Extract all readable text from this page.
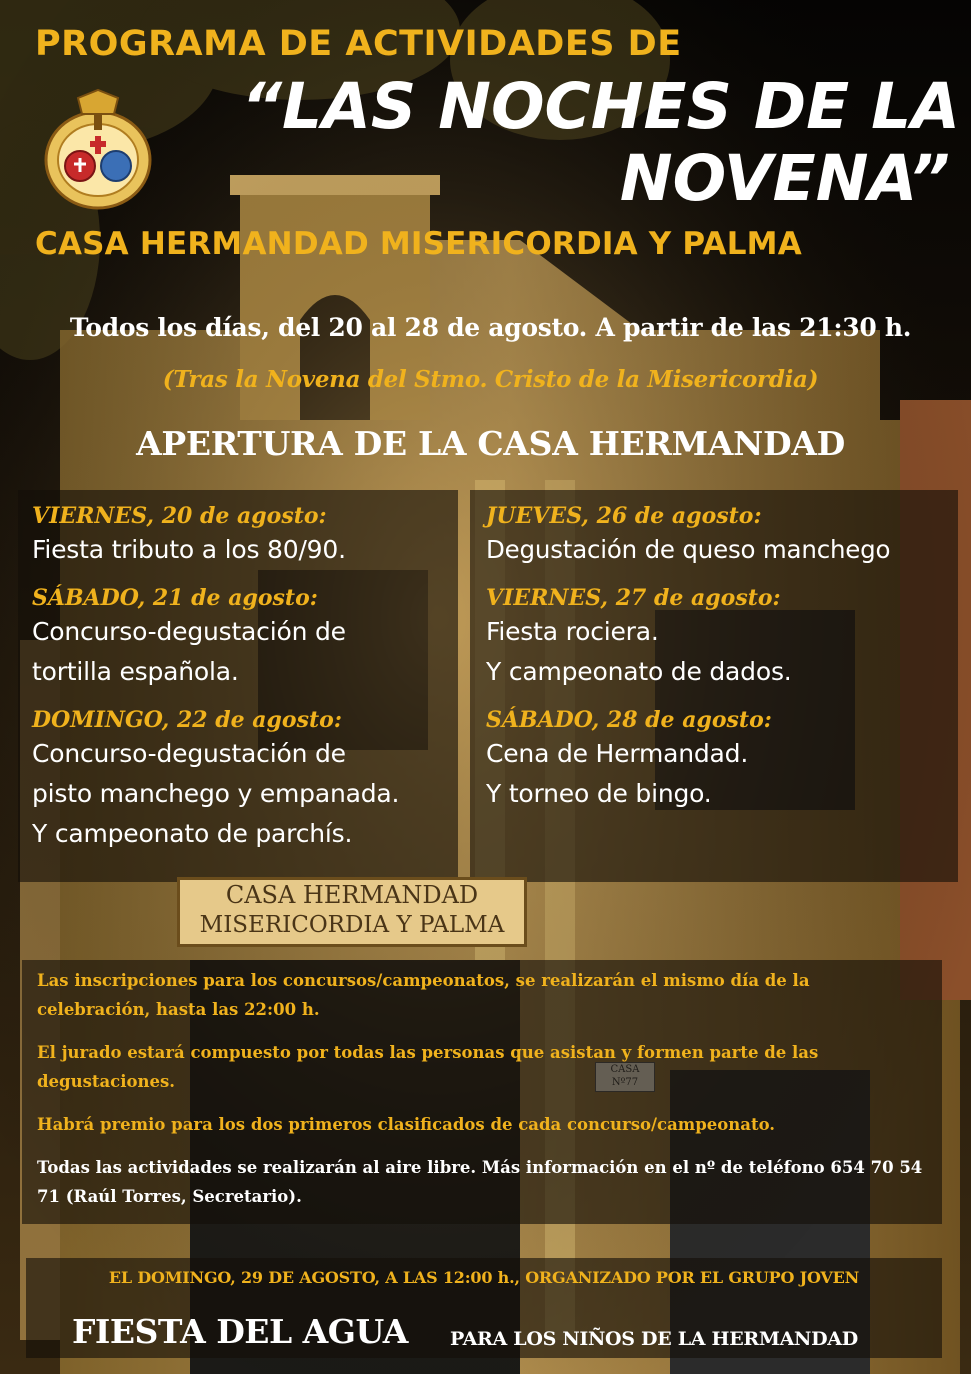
PROGRAMA DE ACTIVIDADES DE
“LAS NOCHES DE LA
NOVENA”
CASA HERMANDAD MISERICORDIA Y PALMA
Todos los días, del 20 al 28 de agosto. A partir de las 21:30 h.
(Tras la Novena del Stmo. Cristo de la Misericordia)
APERTURA DE LA CASA HERMANDAD

VIERNES, 20 de agosto:

Fiesta tributo a los 80/90.

SÁBADO, 21 de agosto:

Concurso-degustación de

tortilla española.

DOMINGO, 22 de agosto:

Concurso-degustación de

pisto manchego y empanada.

Y campeonato de parchís.

JUEVES, 26 de agosto:

Degustación de queso manchego

VIERNES, 27 de agosto:

Fiesta rociera.

Y campeonato de dados.

SÁBADO, 28 de agosto:

Cena de Hermandad.

Y torneo de bingo.

CASA HERMANDAD
MISERICORDIA Y PALMA

Las inscripciones para los concursos/campeonatos, se realizarán el mismo día de la celebración, hasta las 22:00 h.

El jurado estará compuesto por todas las personas que asistan y formen parte de las degustaciones.

Habrá premio para los dos primeros clasificados de cada concurso/campeonato.

Todas las actividades se realizarán al aire libre. Más información en el nº de teléfono 654 70 54 71 (Raúl Torres, Secretario).

EL DOMINGO, 29 DE AGOSTO, A LAS 12:00 h., ORGANIZADO POR EL GRUPO JOVEN
FIESTA DEL AGUA PARA LOS NIÑOS DE LA HERMANDAD
